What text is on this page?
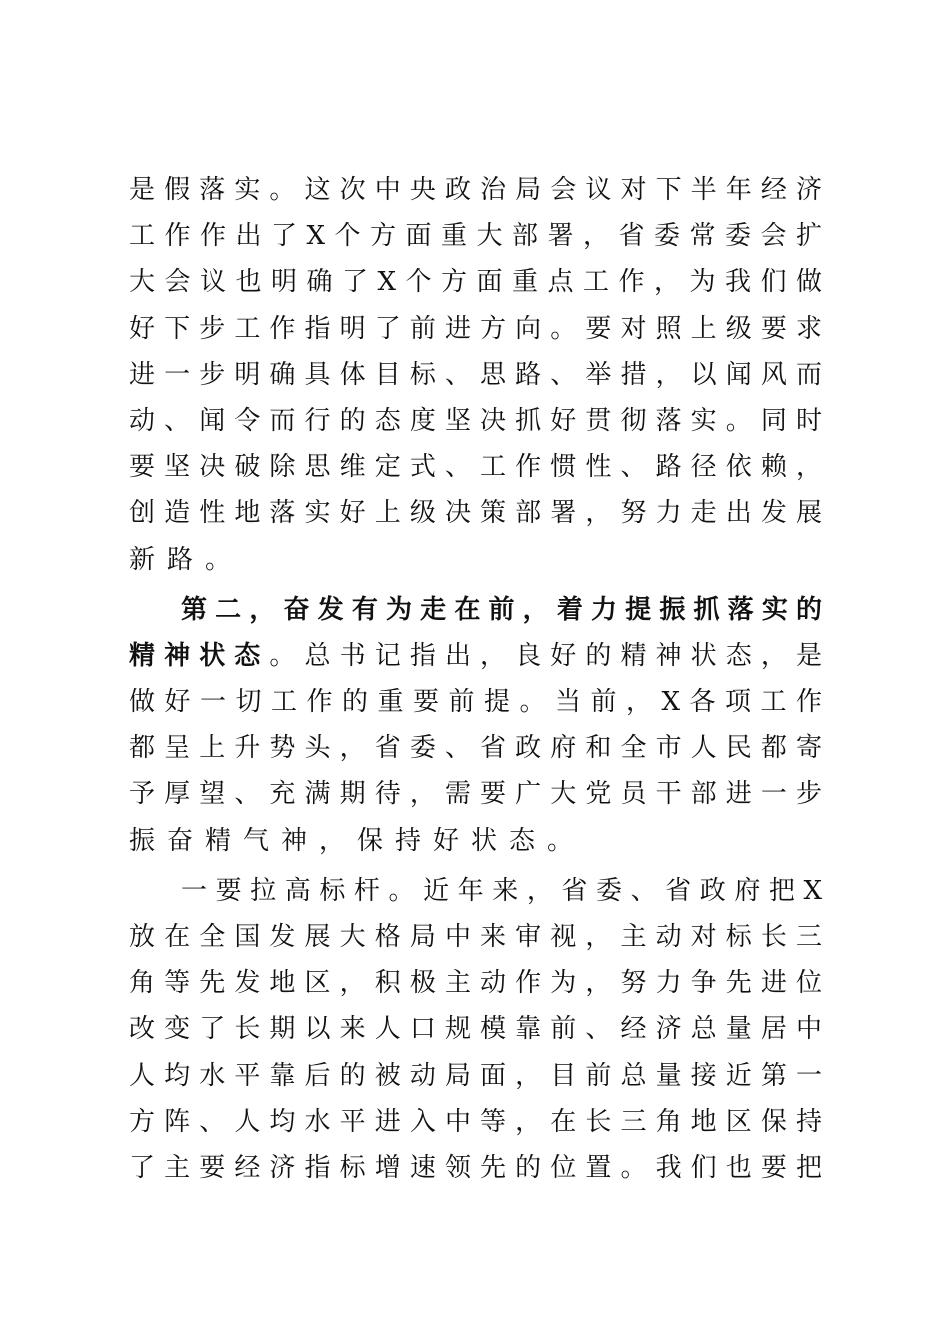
是假落实。这次中央政治局会议对下半年经济
工作作出了X个方面重大部署，省委常委会扩
大会议也明确了X个方面重点工作，为我们做
好下步工作指明了前进方向。要对照上级要求
进一步明确具体目标、思路、举措，以闻风而
动、闻令而行的态度坚决抓好贯彻落实。同时
要坚决破除思维定式、工作惯性、路径依赖，
创造性地落实好上级决策部署，努力走出发展
新路。
第二，奋发有为走在前，着力提振抓落实的
精神状态。总书记指出，良好的精神状态，是
做好一切工作的重要前提。当前，X各项工作
都呈上升势头，省委、省政府和全市人民都寄
予厚望、充满期待，需要广大党员干部进一步
振奋精气神，保持好状态。
一要拉高标杆。近年来，省委、省政府把X
放在全国发展大格局中来审视，主动对标长三
角等先发地区，积极主动作为，努力争先进位
改变了长期以来人口规模靠前、经济总量居中
人均水平靠后的被动局面，目前总量接近第一
方阵、人均水平进入中等，在长三角地区保持
了主要经济指标增速领先的位置。我们也要把
